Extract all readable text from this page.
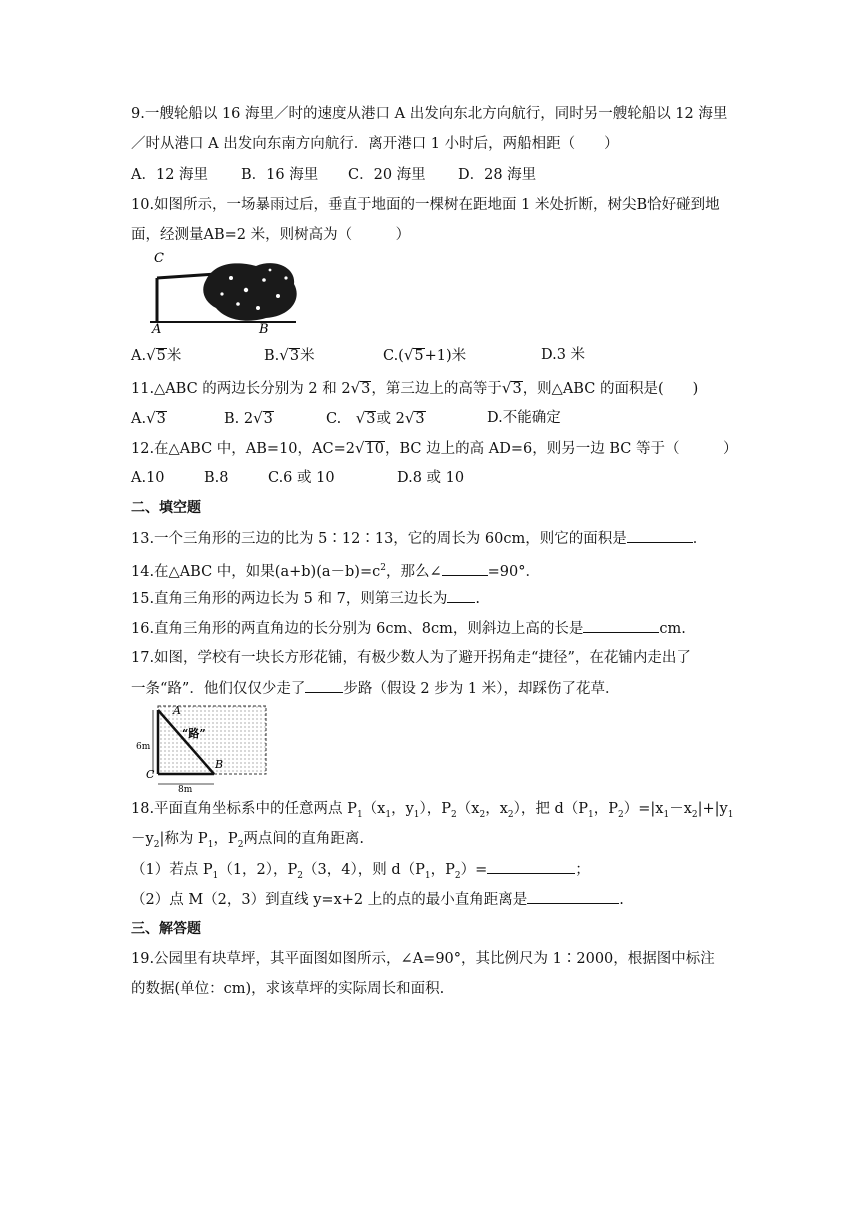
9.一艘轮船以 16 海里／时的速度从港口 A 出发向东北方向航行，同时另一艘轮船以 12 海里
／时从港口 A 出发向东南方向航行．离开港口 1 小时后，两船相距（　　）
A．12 海里 B．16 海里 C．20 海里 D．28 海里
10.如图所示，一场暴雨过后，垂直于地面的一棵树在距地面 1 米处折断，树尖B恰好碰到地
面，经测量AB=2 米，则树高为（　　　）
C
A	B
A.√5米	B.√3米	C.(√5+1)米	D.3 米
11.△ABC 的两边长分别为 2 和 2√3，第三边上的高等于√3，则△ABC 的面积是(　　)
A.√3	B. 2√3	C.　√3或 2√3	D.不能确定
12.在△ABC 中，AB=10，AC=2√10，BC 边上的高 AD=6，则另一边 BC 等于（　　　）
A.10	B.8	C.6 或 10	D.8 或 10
二、填空题
13.一个三角形的三边的比为 5∶12∶13，它的周长为 60cm，则它的面积是	．
14.在△ABC 中，如果$(a+b)(a-b)=c^2$，那么∠	=90°．
15.直角三角形的两边长为 5 和 7，则第三边长为 .
16.直角三角形的两直角边的长分别为 6cm、8cm，则斜边上高的长是	cm.
17.如图，学校有一块长方形花铺，有极少数人为了避开拐角走“捷径”，在花铺内走出了
一条“路”．他们仅仅少走了	步路（假设 2 步为 1 米），却踩伤了花草．
A
B
C
“路”
6m
8m
18.平面直角坐标系中的任意两点 $P_1(x_1$，$y_1$），$P_2(x_2$，$x_2$），把 $d(P_1$，$P_2)=|x_1-x_2|+|y_1$
$-y_2|$称为 $P_1$，$P_2$两点间的直角距离.
（1）若点 $P_1(1$，2），$P_2(3$，4），则 $d(P_1$，$P_2)=$	；
（2）点 M（2，3）到直线 y=x+2 上的点的最小直角距离是	.
三、解答题
19.公园里有块草坪，其平面图如图所示，∠A=90°，其比例尺为 1∶2000，根据图中标注
的数据(单位：cm)，求该草坪的实际周长和面积.
